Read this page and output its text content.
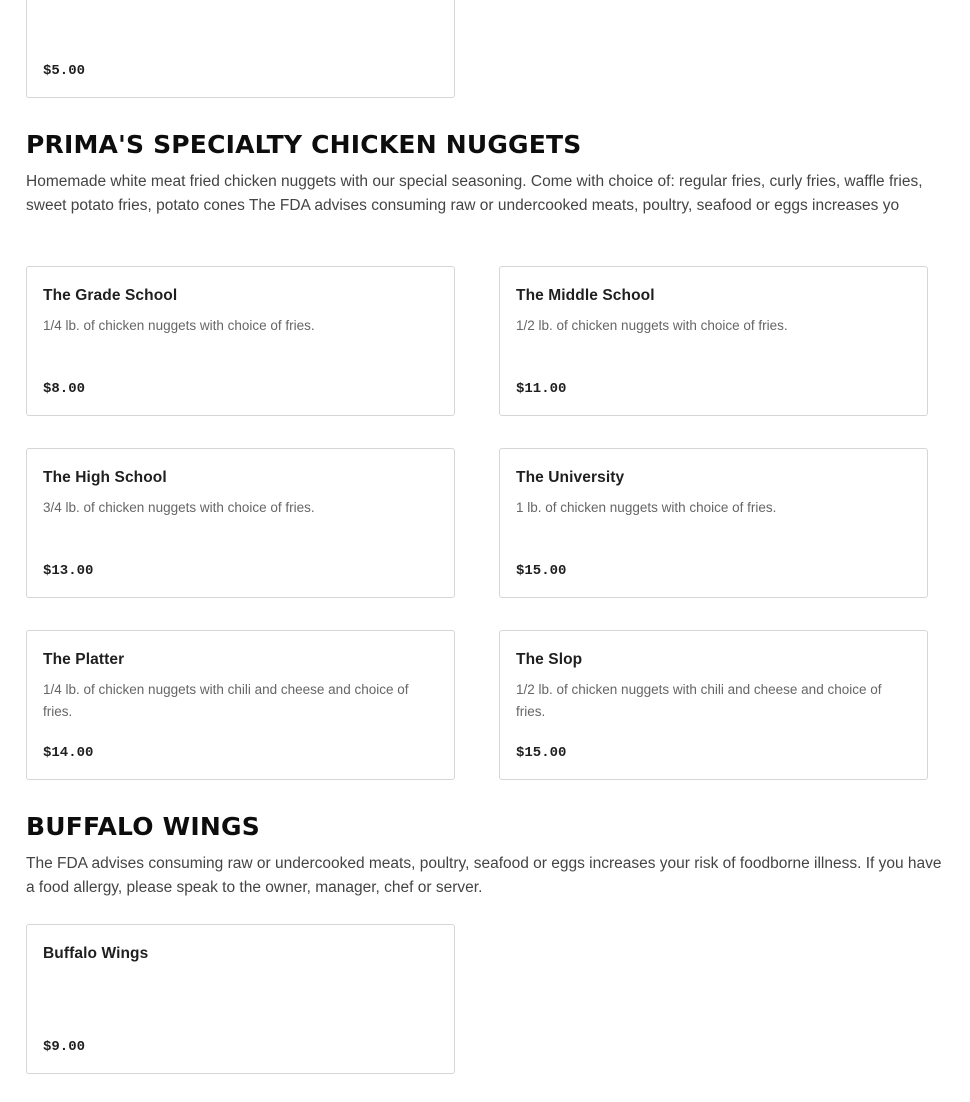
$5.00
PRIMA'S SPECIALTY CHICKEN NUGGETS

Homemade white meat fried chicken nuggets with our special seasoning. Come with choice of: regular fries, curly fries, waffle fries, sweet potato fries, potato cones The FDA advises consuming raw or undercooked meats, poultry, seafood or eggs increases yo

The Grade School
1/4 lb. of chicken nuggets with choice of fries.
$8.00
The Middle School
1/2 lb. of chicken nuggets with choice of fries.
$11.00
The High School
3/4 lb. of chicken nuggets with choice of fries.
$13.00
The University
1 lb. of chicken nuggets with choice of fries.
$15.00
The Platter
1/4 lb. of chicken nuggets with chili and cheese and choice of fries.
$14.00
The Slop
1/2 lb. of chicken nuggets with chili and cheese and choice of fries.
$15.00
BUFFALO WINGS

The FDA advises consuming raw or undercooked meats, poultry, seafood or eggs increases your risk of foodborne illness. If you have a food allergy, please speak to the owner, manager, chef or server.

Buffalo Wings
$9.00
